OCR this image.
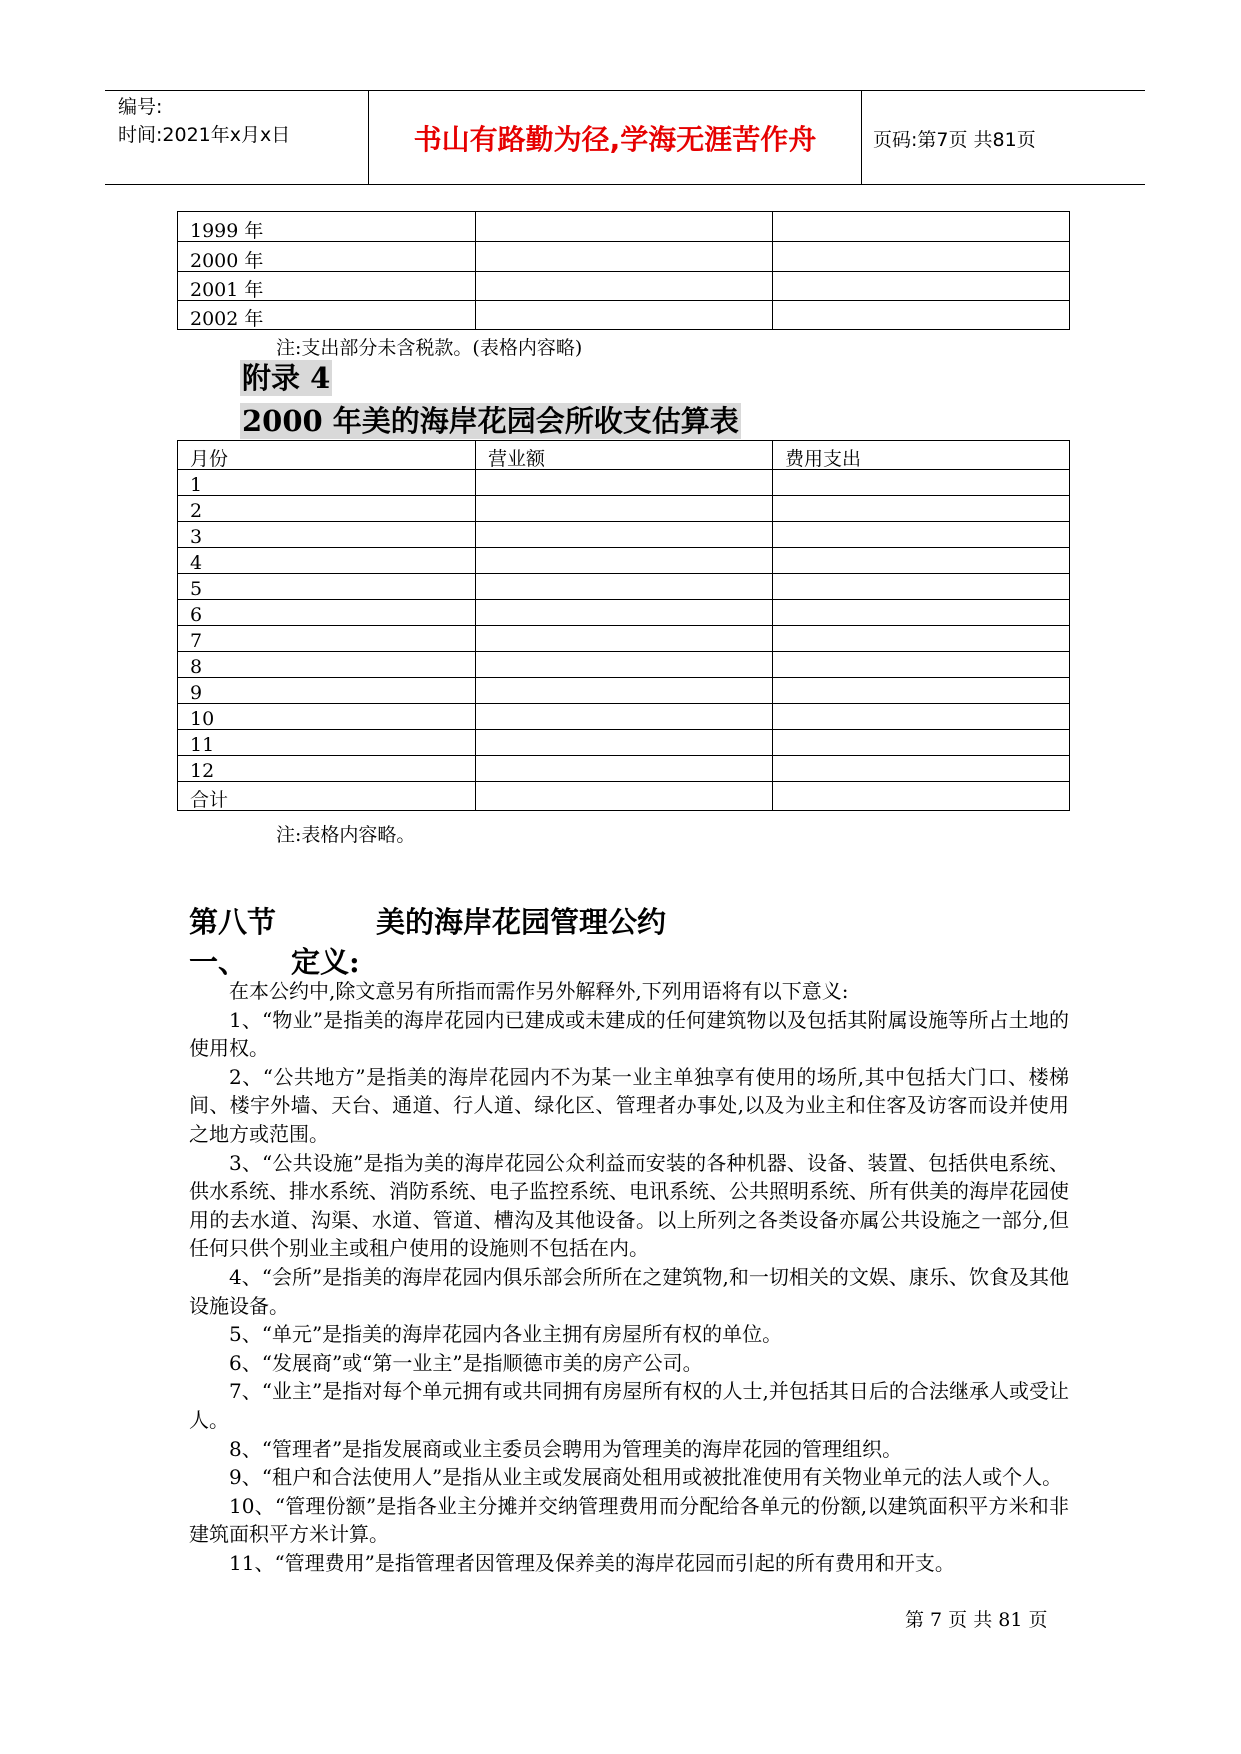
编号:
时间:2021年x月x日	书山有路勤为径,学海无涯苦作舟	页码:第7页 共81页
1999 年		
2000 年		
2001 年		
2002 年		
注:支出部分未含税款。(表格内容略)
附录 4
2000 年美的海岸花园会所收支估算表
月份	营业额	费用支出
1		
2		
3		
4		
5		
6		
7		
8		
9		
10		
11		
12		
合计		
注:表格内容略。
第八节	美的海岸花园管理公约
一、 定义:

在本公约中,除文意另有所指而需作另外解释外,下列用语将有以下意义:

1、“物业”是指美的海岸花园内已建成或未建成的任何建筑物以及包括其附属设施等所占土地的使用权。

2、“公共地方”是指美的海岸花园内不为某一业主单独享有使用的场所,其中包括大门口、楼梯间、楼宇外墙、天台、通道、行人道、绿化区、管理者办事处,以及为业主和住客及访客而设并使用之地方或范围。

3、“公共设施”是指为美的海岸花园公众利益而安装的各种机器、设备、装置、包括供电系统、供水系统、排水系统、消防系统、电子监控系统、电讯系统、公共照明系统、所有供美的海岸花园使用的去水道、沟渠、水道、管道、槽沟及其他设备。以上所列之各类设备亦属公共设施之一部分,但任何只供个别业主或租户使用的设施则不包括在内。

4、“会所”是指美的海岸花园内俱乐部会所所在之建筑物,和一切相关的文娱、康乐、饮食及其他设施设备。

5、“单元”是指美的海岸花园内各业主拥有房屋所有权的单位。

6、“发展商”或“第一业主”是指顺德市美的房产公司。

7、“业主”是指对每个单元拥有或共同拥有房屋所有权的人士,并包括其日后的合法继承人或受让人。

8、“管理者”是指发展商或业主委员会聘用为管理美的海岸花园的管理组织。

9、“租户和合法使用人”是指从业主或发展商处租用或被批准使用有关物业单元的法人或个人。

10、“管理份额”是指各业主分摊并交纳管理费用而分配给各单元的份额,以建筑面积平方米和非建筑面积平方米计算。

11、“管理费用”是指管理者因管理及保养美的海岸花园而引起的所有费用和开支。

第 7 页 共 81 页
